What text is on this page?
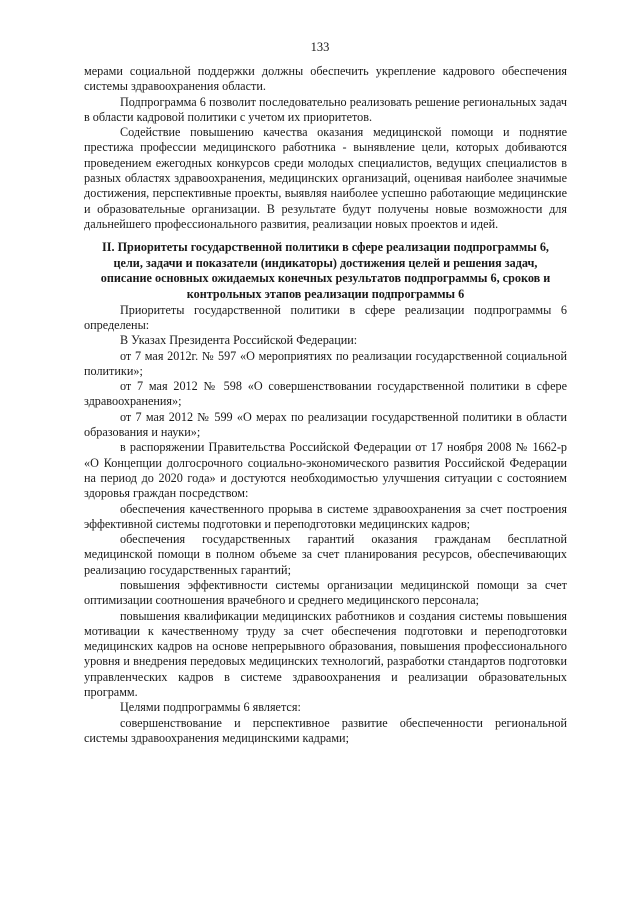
133

мерами социальной поддержки должны обеспечить укрепление кадрового обеспечения системы здравоохранения области.

Подпрограмма 6 позволит последовательно реализовать решение региональных задач в области кадровой политики с учетом их приоритетов.

Содействие повышению качества оказания медицинской помощи и поднятие престижа профессии медицинского работника - вынявление цели, которых добиваются проведением ежегодных конкурсов среди молодых специалистов, ведущих специалистов в разных областях здравоохранения, медицинских организаций, оценивая наиболее значимые достижения, перспективные проекты, выявляя наиболее успешно работающие медицинские и образовательные организации. В результате будут получены новые возможности для дальнейшего профессионального развития, реализации новых проектов и идей.

II. Приоритеты государственной политики в сфере реализации подпрограммы 6, цели, задачи и показатели (индикаторы) достижения целей и решения задач, описание основных ожидаемых конечных результатов подпрограммы 6, сроков и контрольных этапов реализации подпрограммы 6

Приоритеты государственной политики в сфере реализации подпрограммы 6 определены:

В Указах Президента Российской Федерации:

от 7 мая 2012г. № 597 «О мероприятиях по реализации государственной социальной политики»;

от 7 мая 2012 № 598 «О совершенствовании государственной политики в сфере здравоохранения»;

от 7 мая 2012 № 599 «О мерах по реализации государственной политики в области образования и науки»;

в распоряжении Правительства Российской Федерации от 17 ноября 2008 № 1662-р «О Концепции долгосрочного социально-экономического развития Российской Федерации на период до 2020 года» и достуются необходимостью улучшения ситуации с состоянием здоровья граждан посредством:

обеспечения качественного прорыва в системе здравоохранения за счет построения эффективной системы подготовки и переподготовки медицинских кадров;

обеспечения государственных гарантий оказания гражданам бесплатной медицинской помощи в полном объеме за счет планирования ресурсов, обеспечивающих реализацию государственных гарантий;

повышения эффективности системы организации медицинской помощи за счет оптимизации соотношения врачебного и среднего медицинского персонала;

повышения квалификации медицинских работников и создания системы повышения мотивации к качественному труду за счет обеспечения подготовки и переподготовки медицинских кадров на основе непрерывного образования, повышения профессионального уровня и внедрения передовых медицинских технологий, разработки стандартов подготовки управленческих кадров в системе здравоохранения и реализации образовательных программ.

Целями подпрограммы 6 является:

совершенствование и перспективное развитие обеспеченности региональной системы здравоохранения медицинскими кадрами;
